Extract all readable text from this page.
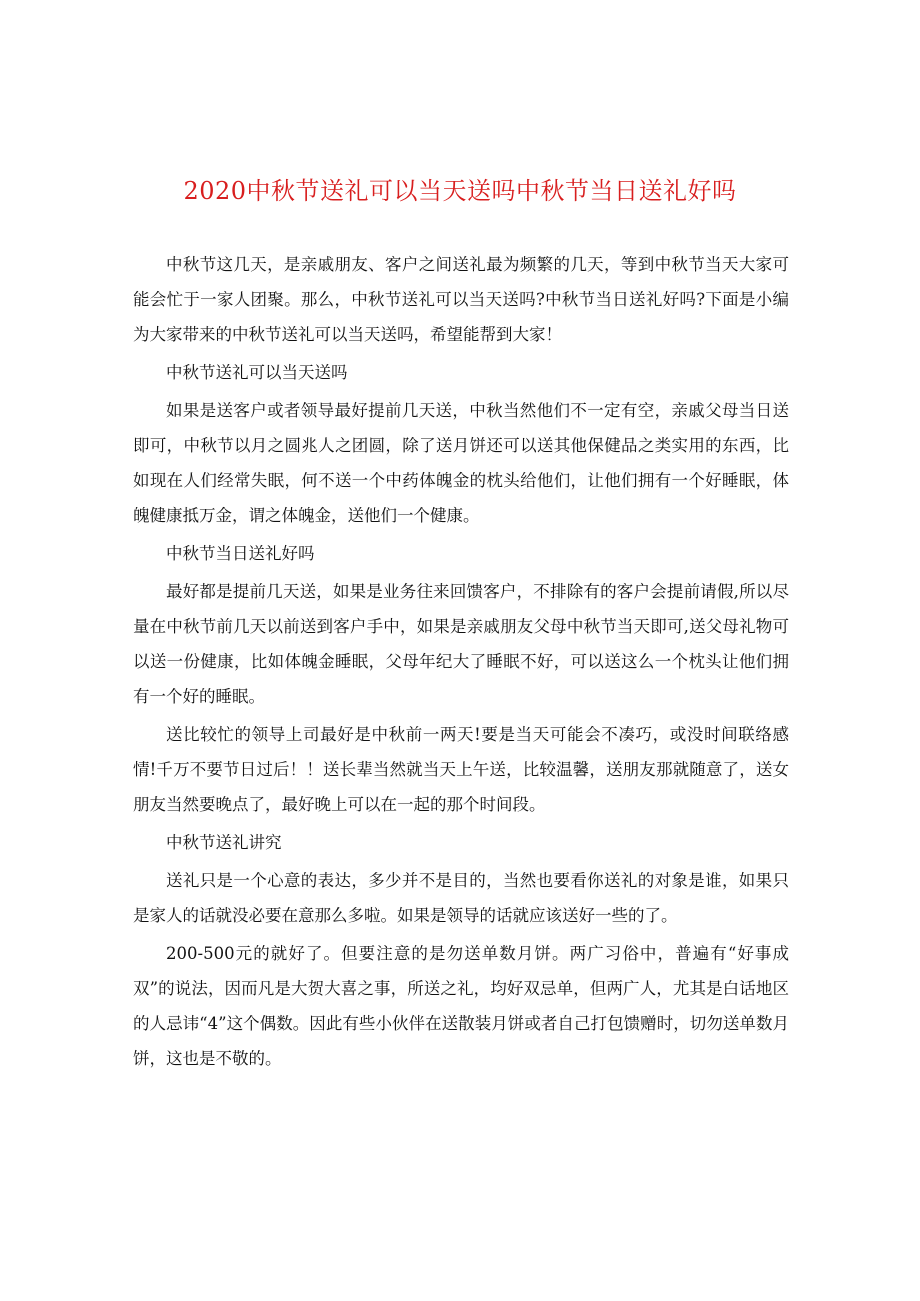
2020中秋节送礼可以当天送吗中秋节当日送礼好吗

中秋节这几天，是亲戚朋友、客户之间送礼最为频繁的几天，等到中秋节当天大家可能会忙于一家人团聚。那么，中秋节送礼可以当天送吗?中秋节当日送礼好吗?下面是小编为大家带来的中秋节送礼可以当天送吗，希望能帮到大家！

中秋节送礼可以当天送吗

如果是送客户或者领导最好提前几天送，中秋当然他们不一定有空，亲戚父母当日送即可，中秋节以月之圆兆人之团圆，除了送月饼还可以送其他保健品之类实用的东西，比如现在人们经常失眠，何不送一个中药体魄金的枕头给他们，让他们拥有一个好睡眠，体魄健康抵万金，谓之体魄金，送他们一个健康。

中秋节当日送礼好吗

最好都是提前几天送，如果是业务往来回馈客户，不排除有的客户会提前请假,所以尽量在中秋节前几天以前送到客户手中，如果是亲戚朋友父母中秋节当天即可,送父母礼物可以送一份健康，比如体魄金睡眠，父母年纪大了睡眠不好，可以送这么一个枕头让他们拥有一个好的睡眠。

送比较忙的领导上司最好是中秋前一两天!要是当天可能会不凑巧，或没时间联络感情!千万不要节日过后！！送长辈当然就当天上午送，比较温馨，送朋友那就随意了，送女朋友当然要晚点了，最好晚上可以在一起的那个时间段。

中秋节送礼讲究

送礼只是一个心意的表达，多少并不是目的，当然也要看你送礼的对象是谁，如果只是家人的话就没必要在意那么多啦。如果是领导的话就应该送好一些的了。

200-500元的就好了。但要注意的是勿送单数月饼。两广习俗中，普遍有“好事成双”的说法，因而凡是大贺大喜之事，所送之礼，均好双忌单，但两广人，尤其是白话地区的人忌讳“4”这个偶数。因此有些小伙伴在送散装月饼或者自己打包馈赠时，切勿送单数月饼，这也是不敬的。
